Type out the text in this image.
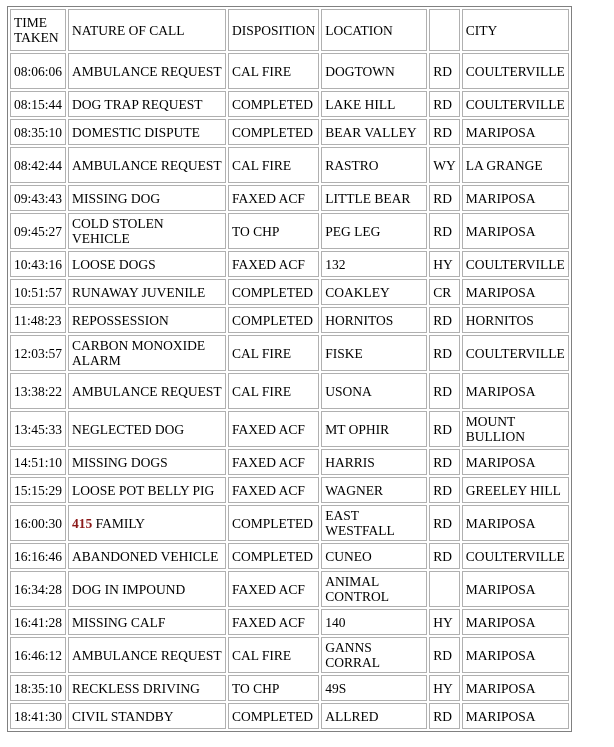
TIME TAKEN	NATURE OF CALL	DISPOSITION	LOCATION		CITY
08:06:06	AMBULANCE REQUEST	CAL FIRE	DOGTOWN	RD	COULTERVILLE
08:15:44	DOG TRAP REQUEST	COMPLETED	LAKE HILL	RD	COULTERVILLE
08:35:10	DOMESTIC DISPUTE	COMPLETED	BEAR VALLEY	RD	MARIPOSA
08:42:44	AMBULANCE REQUEST	CAL FIRE	RASTRO	WY	LA GRANGE
09:43:43	MISSING DOG	FAXED ACF	LITTLE BEAR	RD	MARIPOSA
09:45:27	COLD STOLEN VEHICLE	TO CHP	PEG LEG	RD	MARIPOSA
10:43:16	LOOSE DOGS	FAXED ACF	132	HY	COULTERVILLE
10:51:57	RUNAWAY JUVENILE	COMPLETED	COAKLEY	CR	MARIPOSA
11:48:23	REPOSSESSION	COMPLETED	HORNITOS	RD	HORNITOS
12:03:57	CARBON MONOXIDE ALARM	CAL FIRE	FISKE	RD	COULTERVILLE
13:38:22	AMBULANCE REQUEST	CAL FIRE	USONA	RD	MARIPOSA
13:45:33	NEGLECTED DOG	FAXED ACF	MT OPHIR	RD	MOUNT BULLION
14:51:10	MISSING DOGS	FAXED ACF	HARRIS	RD	MARIPOSA
15:15:29	LOOSE POT BELLY PIG	FAXED ACF	WAGNER	RD	GREELEY HILL
16:00:30	415 FAMILY	COMPLETED	EAST WESTFALL	RD	MARIPOSA
16:16:46	ABANDONED VEHICLE	COMPLETED	CUNEO	RD	COULTERVILLE
16:34:28	DOG IN IMPOUND	FAXED ACF	ANIMAL CONTROL		MARIPOSA
16:41:28	MISSING CALF	FAXED ACF	140	HY	MARIPOSA
16:46:12	AMBULANCE REQUEST	CAL FIRE	GANNS CORRAL	RD	MARIPOSA
18:35:10	RECKLESS DRIVING	TO CHP	49S	HY	MARIPOSA
18:41:30	CIVIL STANDBY	COMPLETED	ALLRED	RD	MARIPOSA
